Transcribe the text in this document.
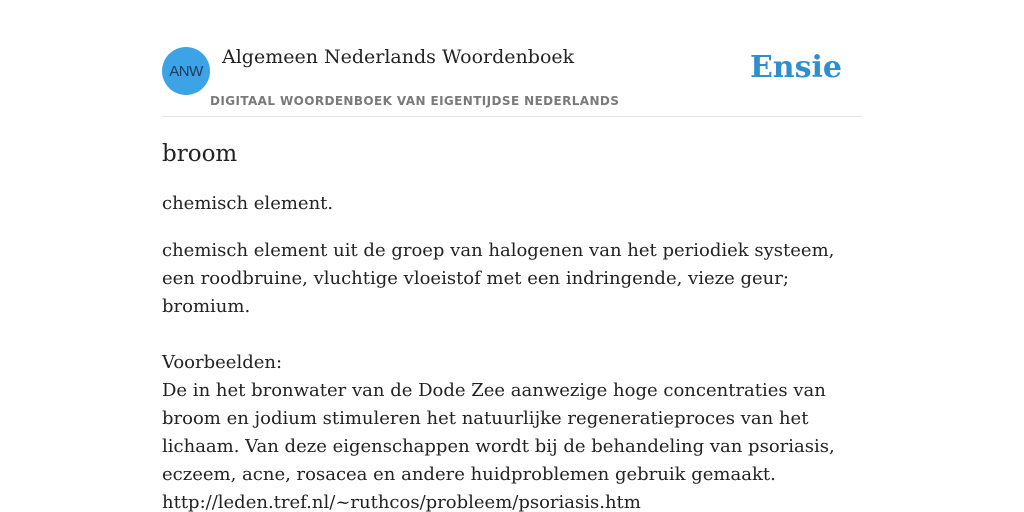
ANW
Algemeen Nederlands Woordenboek
DIGITAAL WOORDENBOEK VAN EIGENTIJDSE NEDERLANDS
Ensie
broom

chemisch element.

chemisch element uit de groep van halogenen van het periodiek systeem, een roodbruine, vluchtige vloeistof met een indringende, vieze geur; bromium.

Voorbeelden:

De in het bronwater van de Dode Zee aanwezige hoge concentraties van broom en jodium stimuleren het natuurlijke regeneratieproces van het lichaam. Van deze eigenschappen wordt bij de behandeling van psoriasis, eczeem, acne, rosacea en andere huidproblemen gebruik gemaakt.

http://leden.tref.nl/~ruthcos/probleem/psoriasis.htm
